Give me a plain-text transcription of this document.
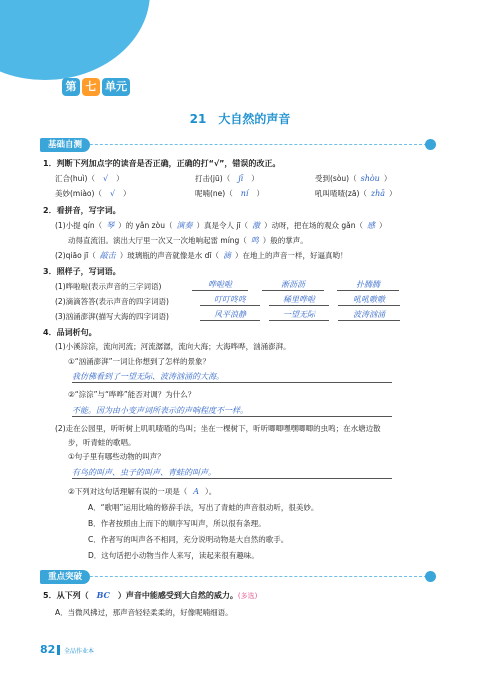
第 七 单元
21 大自然的声音
基础自测
1．判断下列加点字的读音是否正确，正确的打“√”，错误的改正。
汇合(huì)（ √ ）	打击(jū)（ jī ）	受到(sòu)（ shòu ）
美妙(miào)（ √ ）	呢喃(ne)（ ní ）	吼叫喳喳(zā)（ zhā ）
2．看拼音，写字词。
(1)小提 qín（ 琴 ）的 yǎn zòu（ 演奏 ）真是令人 jī（ 激 ）动呀，把在场的观众 gǎn（ 感 ）
动得直流泪。演出大厅里一次又一次地响起雷 míng（ 鸣 ）般的掌声。
(2)qiāo jī（ 敲击 ）玻璃瓶的声音就像是水 dī（ 滴 ）在地上的声音一样，好逼真哟！
3．照样子，写词语。
(1)哗啦啦(表示声音的三字词语)	哗啦啦	淅沥沥	扑腾腾
(2)滴滴答答(表示声音的四字词语)	叮叮咚咚	稀里哗啦	吼吼嗷嗷
(3)汹涌澎湃(描写大海的四字词语)	风平浪静	一望无际	波涛汹涌
4．品词析句。
(1)小溪淙淙，流向河流；河流潺潺，流向大海；大海哗哗，汹涌澎湃。
①“汹涌澎湃”一词让你想到了怎样的景象？
我仿佛看到了一望无际、波涛汹涌的大海。
②“淙淙”与“哗哗”能否对调？为什么？
不能。因为由小变声词所表示的声响程度不一样。
(2)走在公园里，听听树上叽叽喳喳的鸟叫；坐在一棵树下，听听唧唧嘿嘿唧唧的虫鸣；在水塘边散
步，听青蛙的歌唱。
①句子里有哪些动物的叫声？
有鸟的叫声、虫子的叫声、青蛙的叫声。
②下列对这句话理解有误的一项是（ A ）。
A．“歌唱”运用比喻的修辞手法，写出了青蛙的声音很动听，很美妙。
B．作者按照由上而下的顺序写叫声，所以很有条理。
C．作者写的叫声各不相同，充分说明动物是大自然的歌手。
D．这句话把小动物当作人来写，读起来很有趣味。
重点突破
5．从下列（ BC ）声音中能感受到大自然的威力。(多选)
A．当微风拂过，那声音轻轻柔柔的，好像呢喃细语。
82 全品作业本
